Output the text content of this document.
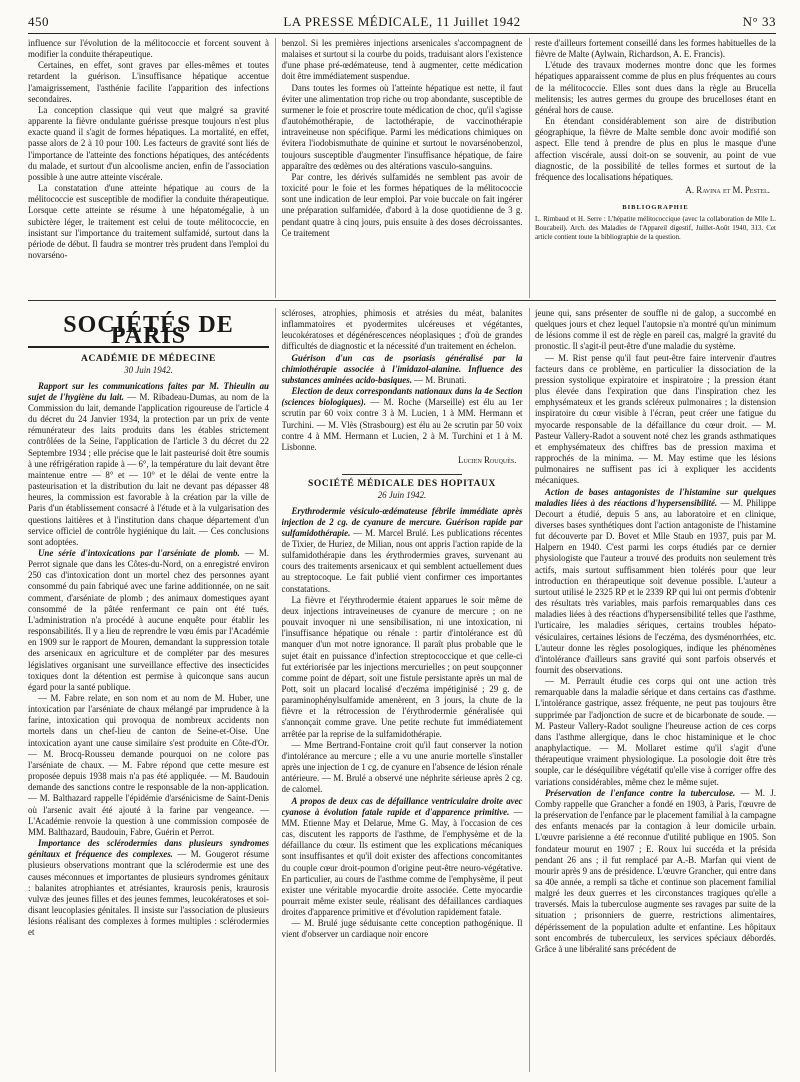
450	LA PRESSE MÉDICALE, 11 Juillet 1942	N° 33

influence sur l'évolution de la mélitococcie et forcent souvent à modifier la conduite thérapeutique.

Certaines, en effet, sont graves par elles-mêmes et toutes retardent la guérison. L'insuffisance hépatique accentue l'amaigrissement, l'asthénie facilite l'apparition des infections secondaires.

La conception classique qui veut que malgré sa gravité apparente la fièvre ondulante guérisse presque toujours n'est plus exacte quand il s'agit de formes hépatiques. La mortalité, en effet, passe alors de 2 à 10 pour 100. Les facteurs de gravité sont liés de l'importance de l'atteinte des fonctions hépatiques, des antécédents du malade, et surtout d'un alcoolisme ancien, enfin de l'association possible à une autre atteinte viscérale.

La constatation d'une atteinte hépatique au cours de la mélitococcie est susceptible de modifier la conduite thérapeutique. Lorsque cette atteinte se résume à une hépatomégalie, à un subictère léger, le traitement est celui de toute mélitococcie, en insistant sur l'importance du traitement sulfamidé, surtout dans la période de début. Il faudra se montrer très prudent dans l'emploi du novarséno-

benzol. Si les premières injections arsenicales s'accompagnent de malaises et surtout si la courbe du poids, traduisant alors l'existence d'une phase pré-œdémateuse, tend à augmenter, cette médication doit être immédiatement suspendue.

Dans toutes les formes où l'atteinte hépatique est nette, il faut éviter une alimentation trop riche ou trop abondante, susceptible de surmener le foie et proscrire toute médication de choc, qu'il s'agisse d'autohémothérapie, de lactothérapie, de vaccinothérapie intraveineuse non spécifique. Parmi les médications chimiques on évitera l'iodobismuthate de quinine et surtout le novarsénobenzol, toujours susceptible d'augmenter l'insuffisance hépatique, de faire apparaître des œdèmes ou des altérations vasculo-sanguins.

Par contre, les dérivés sulfamidés ne semblent pas avoir de toxicité pour le foie et les formes hépatiques de la mélitococcie sont une indication de leur emploi. Par voie buccale on fait ingérer une préparation sulfamidée, d'abord à la dose quotidienne de 3 g. pendant quatre à cinq jours, puis ensuite à des doses décroissantes. Ce traitement

reste d'ailleurs fortement conseillé dans les formes habituelles de la fièvre de Malte (Aylwain, Richardson, A. E. Francis).

L'étude des travaux modernes montre donc que les formes hépatiques apparaissent comme de plus en plus fréquentes au cours de la mélitococcie. Elles sont dues dans la règle au Brucella melitensis; les autres germes du groupe des brucelloses étant en général hors de cause.

En étendant considérablement son aire de distribution géographique, la fièvre de Malte semble donc avoir modifié son aspect. Elle tend à prendre de plus en plus le masque d'une affection viscérale, aussi doit-on se souvenir, au point de vue diagnostic, de la possibilité de telles formes et surtout de la fréquence des localisations hépatiques.

A. Ravina et M. Pestel.

BIBLIOGRAPHIE

L. Rimbaud et H. Serre : L'hépatite mélitococcique (avec la collaboration de Mlle L. Boucabeil). Arch. des Maladies de l'Appareil digestif, Juillet-Août 1940, 313. Cet article contient toute la bibliographie de la question.

SOCIÉTÉS DE PARIS
ACADÉMIE DE MÉDECINE
30 Juin 1942.

Rapport sur les communications faites par M. Thieulin au sujet de l'hygiène du lait. — M. Ribadeau-Dumas, au nom de la Commission du lait, demande l'application rigoureuse de l'article 4 du décret du 24 Janvier 1934, la protection par un prix de vente rémunérateur des laits produits dans les étables strictement contrôlées de la Seine, l'application de l'article 3 du décret du 22 Septembre 1934 ; elle précise que le lait pasteurisé doit être soumis à une réfrigération rapide à — 6°, la température du lait devant être maintenue entre — 8° et — 10° et le délai de vente entre la pasteurisation et la distribution du lait ne devant pas dépasser 48 heures, la commission est favorable à la création par la ville de Paris d'un établissement consacré à l'étude et à la vulgarisation des questions laitières et à l'institution dans chaque département d'un service officiel de contrôle hygiénique du lait. — Ces conclusions sont adoptées.

Une série d'intoxications par l'arséniate de plomb. — M. Perrot signale que dans les Côtes-du-Nord, on a enregistré environ 250 cas d'intoxication dont un mortel chez des personnes ayant consommé du pain fabriqué avec une farine additionnée, on ne sait comment, d'arséniate de plomb ; des animaux domestiques ayant consommé de la pâtée renfermant ce pain ont été tués. L'administration n'a procédé à aucune enquête pour établir les responsabilités. Il y a lieu de reprendre le vœu émis par l'Académie en 1909 sur le rapport de Mouren, demandant la suppression totale des arsenicaux en agriculture et de compléter par des mesures législatives organisant une surveillance effective des insecticides toxiques dont la détention est permise à quiconque sans aucun égard pour la santé publique.

— M. Fabre relate, en son nom et au nom de M. Huber, une intoxication par l'arséniate de chaux mélangé par imprudence à la farine, intoxication qui provoqua de nombreux accidents non mortels dans un chef-lieu de canton de Seine-et-Oise. Une intoxication ayant une cause similaire s'est produite en Côte-d'Or. — M. Brocq-Rousseu demande pourquoi on ne colore pas l'arséniate de chaux. — M. Fabre répond que cette mesure est proposée depuis 1938 mais n'a pas été appliquée. — M. Baudouin demande des sanctions contre le responsable de la non-application. — M. Balthazard rappelle l'épidémie d'arsénicisme de Saint-Denis où l'arsenic avait été ajouté à la farine par vengeance. — L'Académie renvoie la question à une commission composée de MM. Balthazard, Baudouin, Fabre, Guérin et Perrot.

Importance des sclérodermies dans plusieurs syndromes génitaux et fréquence des complexes. — M. Gougerot résume plusieurs observations montrant que la sclérodermie est une des causes méconnues et importantes de plusieurs syndromes génitaux : balanites atrophiantes et atrésiantes, kraurosis penis, kraurosis vulvæ des jeunes filles et des jeunes femmes, leucokératoses et soi-disant leucoplasies génitales. Il insiste sur l'association de plusieurs lésions réalisant des complexes à formes multiples : sclérodermies et

scléroses, atrophies, phimosis et atrésies du méat, balanites inflammatoires et pyodermites ulcéreuses et végétantes, leucokératoses et dégénérescences néoplasiques ; d'où de grandes difficultés de diagnostic et la nécessité d'un traitement en échelon.

Guérison d'un cas de psoriasis généralisé par la chimiothérapie associée à l'imidazol-alanine. Influence des substances aminées acido-basiques. — M. Brunati.

Election de deux correspondants nationaux dans la 4e Section (sciences biologiques). — M. Roche (Marseille) est élu au 1er scrutin par 60 voix contre 3 à M. Lucien, 1 à MM. Hermann et Turchini. — M. Vlès (Strasbourg) est élu au 2e scrutin par 50 voix contre 4 à MM. Hermann et Lucien, 2 à M. Turchini et 1 à M. Lisbonne.

Lucien Rouquès.

SOCIÉTÉ MÉDICALE DES HOPITAUX
26 Juin 1942.

Erythrodermie vésiculo-œdémateuse fébrile immédiate après injection de 2 cg. de cyanure de mercure. Guérison rapide par sulfamidothérapie. — M. Marcel Brulé. Les publications récentes de Tixier, de Huriez, de Milian, nous ont appris l'action rapide de la sulfamidothérapie dans les érythrodermies graves, survenant au cours des traitements arsenicaux et qui semblent actuellement dues au streptocoque. Le fait publié vient confirmer ces importantes constatations.

La fièvre et l'érythrodermie étaient apparues le soir même de deux injections intraveineuses de cyanure de mercure ; on ne pouvait invoquer ni une sensibilisation, ni une intoxication, ni l'insuffisance hépatique ou rénale : partir d'intolérance est dû manquer d'un mot notre ignorance. Il paraît plus probable que le sujet était en puissance d'infection streptococcique et que celle-ci fut extériorisée par les injections mercurielles ; on peut soupçonner comme point de départ, soit une fistule persistante après un mal de Pott, soit un placard localisé d'eczéma impétiginisé ; 29 g. de paraminophénylsulfamide amenèrent, en 3 jours, la chute de la fièvre et la rétrocession de l'érythrodermie généralisée qui s'annonçait comme grave. Une petite rechute fut immédiatement arrêtée par la reprise de la sulfamidothérapie.

— Mme Bertrand-Fontaine croit qu'il faut conserver la notion d'intolérance au mercure ; elle a vu une anurie mortelle s'installer après une injection de 1 cg. de cyanure en l'absence de lésion rénale antérieure. — M. Brulé a observé une néphrite sérieuse après 2 cg. de calomel.

A propos de deux cas de défaillance ventriculaire droite avec cyanose à évolution fatale rapide et d'apparence primitive. — MM. Etienne May et Delarue, Mme G. May, à l'occasion de ces cas, discutent les rapports de l'asthme, de l'emphysème et de la défaillance du cœur. Ils estiment que les explications mécaniques sont insuffisantes et qu'il doit exister des affections concomitantes du couple cœur droit-poumon d'origine peut-être neuro-végétative. En particulier, au cours de l'asthme comme de l'emphysème, il peut exister une véritable myocardie droite associée. Cette myocardie pourrait même exister seule, réalisant des défaillances cardiaques droites d'apparence primitive et d'évolution rapidement fatale.

— M. Brulé juge séduisante cette conception pathogénique. Il vient d'observer un cardiaque noir encore

jeune qui, sans présenter de souffle ni de galop, a succombé en quelques jours et chez lequel l'autopsie n'a montré qu'un minimum de lésions comme il est de règle en pareil cas, malgré la gravité du pronostic. Il s'agit-il peut-être d'une maladie du système.

— M. Rist pense qu'il faut peut-être faire intervenir d'autres facteurs dans ce problème, en particulier la dissociation de la pression systolique expiratoire et inspiratoire ; la pression étant plus élevée dans l'expiration que dans l'inspiration chez les emphysémateux et les grands scléreux pulmonaires ; la distension inspiratoire du cœur visible à l'écran, peut créer une fatigue du myocarde responsable de la défaillance du cœur droit. — M. Pasteur Vallery-Radot a souvent noté chez les grands asthmatiques et emphysémateux des chiffres bas de pression maxima et rapprochés de la minima. — M. May estime que les lésions pulmonaires ne suffisent pas ici à expliquer les accidents mécaniques.

Action de bases antagonistes de l'histamine sur quelques maladies liées à des réactions d'hypersensibilité. — M. Philippe Decourt a étudié, depuis 5 ans, au laboratoire et en clinique, diverses bases synthétiques dont l'action antagoniste de l'histamine fut découverte par D. Bovet et Mlle Staub en 1937, puis par M. Halpern en 1940. C'est parmi les corps étudiés par ce dernier physiologiste que l'auteur a trouvé des produits non seulement très actifs, mais surtout suffisamment bien tolérés pour que leur introduction en thérapeutique soit devenue possible. L'auteur a surtout utilisé le 2325 RP et le 2339 RP qui lui ont permis d'obtenir des résultats très variables, mais parfois remarquables dans ces maladies liées à des réactions d'hypersensibilité telles que l'asthme, l'urticaire, les maladies sériques, certains troubles hépato-vésiculaires, certaines lésions de l'eczéma, des dysménorrhées, etc. L'auteur donne les règles posologiques, indique les phénomènes d'intolérance d'ailleurs sans gravité qui sont parfois observés et fournit des observations.

— M. Perrault étudie ces corps qui ont une action très remarquable dans la maladie sérique et dans certains cas d'asthme. L'intolérance gastrique, assez fréquente, ne peut pas toujours être supprimée par l'adjonction de sucre et de bicarbonate de soude. — M. Pasteur Vallery-Radot souligne l'heureuse action de ces corps dans l'asthme allergique, dans le choc histaminique et le choc anaphylactique. — M. Mollaret estime qu'il s'agit d'une thérapeutique vraiment physiologique. La posologie doit être très souple, car le déséquilibre végétatif qu'elle vise à corriger offre des variations considérables, même chez le même sujet.

Préservation de l'enfance contre la tuberculose. — M. J. Comby rappelle que Grancher a fondé en 1903, à Paris, l'œuvre de la préservation de l'enfance par le placement familial à la campagne des enfants menacés par la contagion à leur domicile urbain. L'œuvre parisienne a été reconnue d'utilité publique en 1905. Son fondateur mourut en 1907 ; E. Roux lui succéda et la présida pendant 26 ans ; il fut remplacé par A.-B. Marfan qui vient de mourir après 9 ans de présidence. L'œuvre Grancher, qui entre dans sa 40e année, a rempli sa tâche et continue son placement familial malgré les deux guerres et les circonstances tragiques qu'elle a traversés. Mais la tuberculose augmente ses ravages par suite de la situation ; prisonniers de guerre, restrictions alimentaires, dépérissement de la population adulte et enfantine. Les hôpitaux sont encombrés de tuberculeux, les services spéciaux débordés. Grâce à une libéralité sans précédent de
